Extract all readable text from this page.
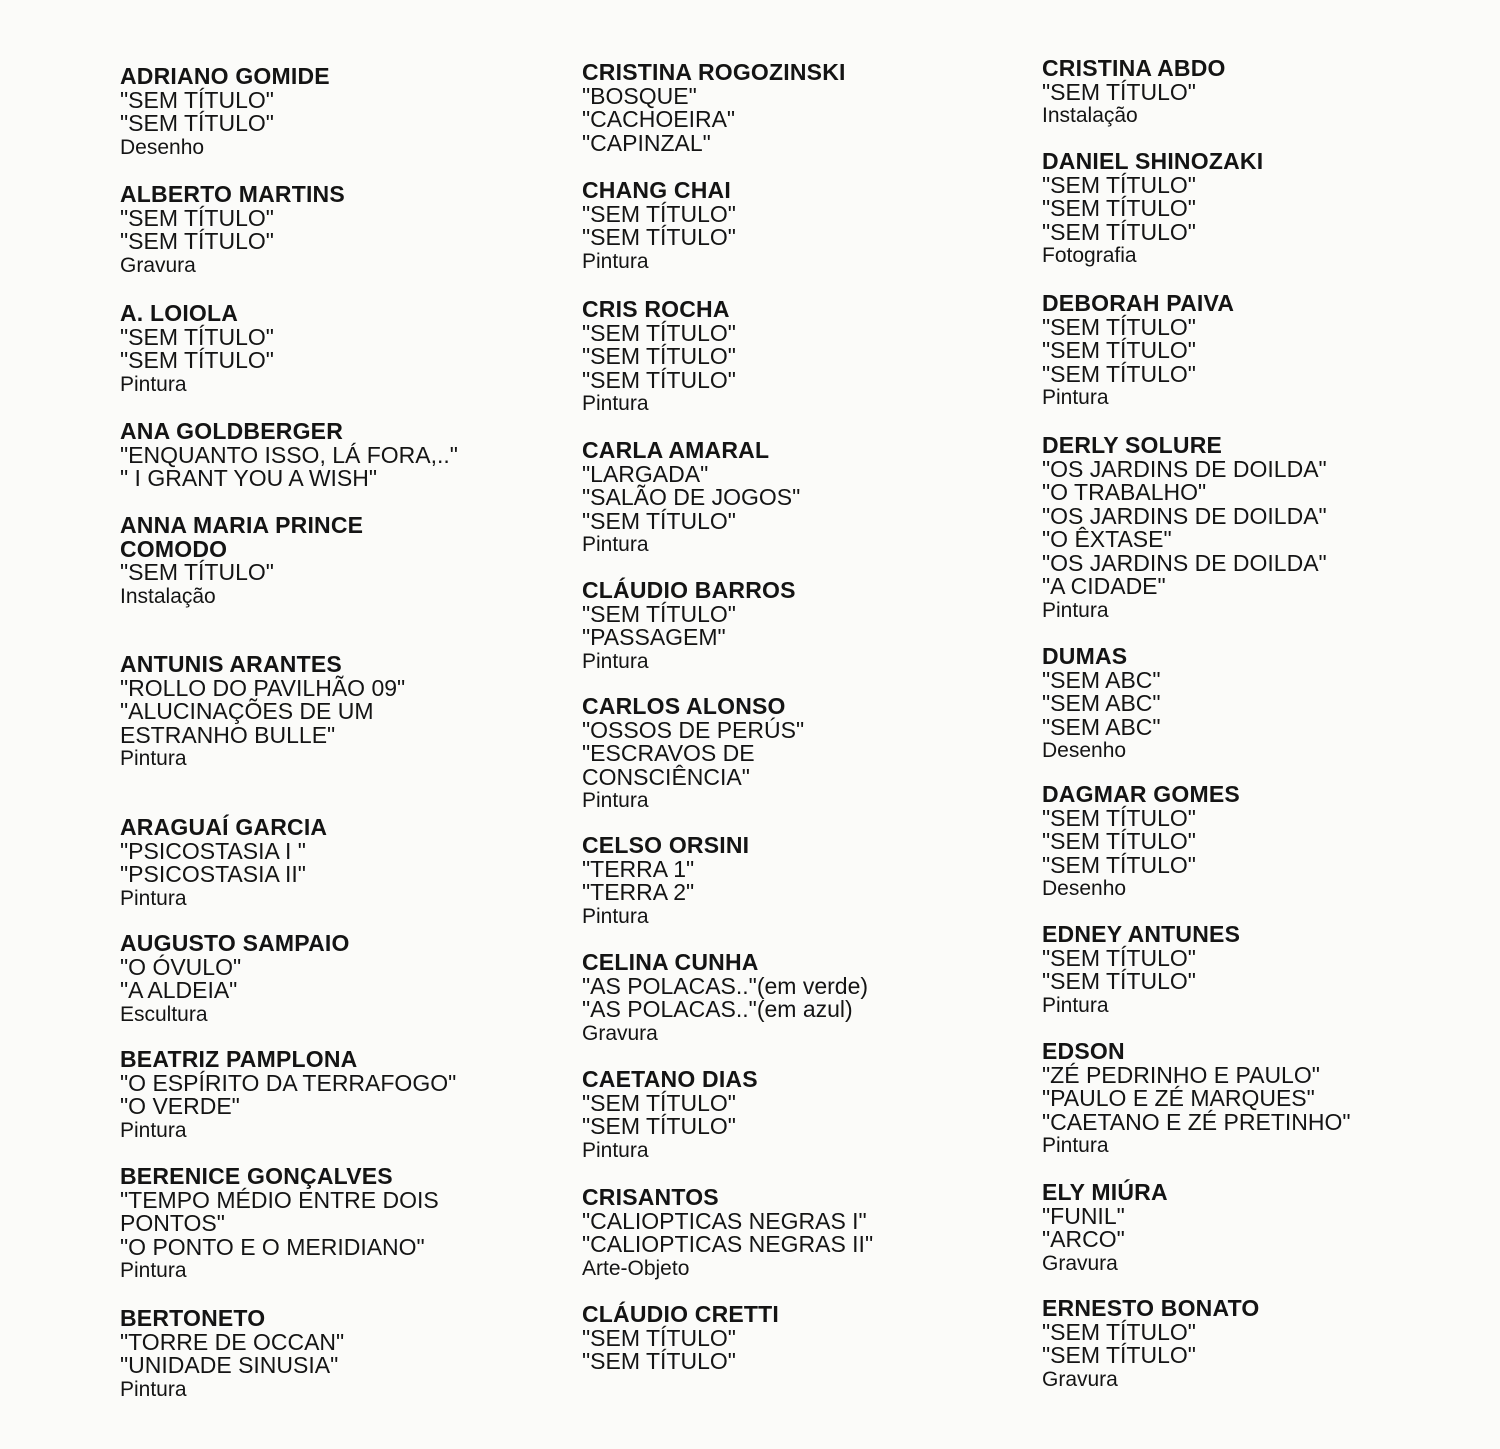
ADRIANO GOMIDE
"SEM TÍTULO"
"SEM TÍTULO"
Desenho
ALBERTO MARTINS
"SEM TÍTULO"
"SEM TÍTULO"
Gravura
A. LOIOLA
"SEM TÍTULO"
"SEM TÍTULO"
Pintura
ANA GOLDBERGER
"ENQUANTO ISSO, LÁ FORA,.."
" I GRANT YOU A WISH"
ANNA MARIA PRINCE
COMODO
"SEM TÍTULO"
Instalação
ANTUNIS ARANTES
"ROLLO DO PAVILHÃO 09"
"ALUCINAÇÕES DE UM
ESTRANHO BULLE"
Pintura
ARAGUAÍ GARCIA
"PSICOSTASIA I "
"PSICOSTASIA II"
Pintura
AUGUSTO SAMPAIO
"O ÓVULO"
"A ALDEIA"
Escultura
BEATRIZ PAMPLONA
"O ESPÍRITO DA TERRAFOGO"
"O VERDE"
Pintura
BERENICE GONÇALVES
"TEMPO MÉDIO ENTRE DOIS
PONTOS"
"O PONTO E O MERIDIANO"
Pintura
BERTONETO
"TORRE DE OCCAN"
"UNIDADE SINUSIA"
Pintura
CRISTINA ROGOZINSKI
"BOSQUE"
"CACHOEIRA"
"CAPINZAL"
CHANG CHAI
"SEM TÍTULO"
"SEM TÍTULO"
Pintura
CRIS ROCHA
"SEM TÍTULO"
"SEM TÍTULO"
"SEM TÍTULO"
Pintura
CARLA AMARAL
"LARGADA"
"SALÃO DE JOGOS"
"SEM TÍTULO"
Pintura
CLÁUDIO BARROS
"SEM TÍTULO"
"PASSAGEM"
Pintura
CARLOS ALONSO
"OSSOS DE PERÚS"
"ESCRAVOS DE
CONSCIÊNCIA"
Pintura
CELSO ORSINI
"TERRA 1"
"TERRA 2"
Pintura
CELINA CUNHA
"AS POLACAS.."(em verde)
"AS POLACAS.."(em azul)
Gravura
CAETANO DIAS
"SEM TÍTULO"
"SEM TÍTULO"
Pintura
CRISANTOS
"CALIOPTICAS NEGRAS I"
"CALIOPTICAS NEGRAS II"
Arte-Objeto
CLÁUDIO CRETTI
"SEM TÍTULO"
"SEM TÍTULO"
CRISTINA ABDO
"SEM TÍTULO"
Instalação
DANIEL SHINOZAKI
"SEM TÍTULO"
"SEM TÍTULO"
"SEM TÍTULO"
Fotografia
DEBORAH PAIVA
"SEM TÍTULO"
"SEM TÍTULO"
"SEM TÍTULO"
Pintura
DERLY SOLURE
"OS JARDINS DE DOILDA"
"O TRABALHO"
"OS JARDINS DE DOILDA"
"O ÊXTASE"
"OS JARDINS DE DOILDA"
"A CIDADE"
Pintura
DUMAS
"SEM ABC"
"SEM ABC"
"SEM ABC"
Desenho
DAGMAR GOMES
"SEM TÍTULO"
"SEM TÍTULO"
"SEM TÍTULO"
Desenho
EDNEY ANTUNES
"SEM TÍTULO"
"SEM TÍTULO"
Pintura
EDSON
"ZÉ PEDRINHO E PAULO"
"PAULO E ZÉ MARQUES"
"CAETANO E ZÉ PRETINHO"
Pintura
ELY MIÚRA
"FUNIL"
"ARCO"
Gravura
ERNESTO BONATO
"SEM TÍTULO"
"SEM TÍTULO"
Gravura
